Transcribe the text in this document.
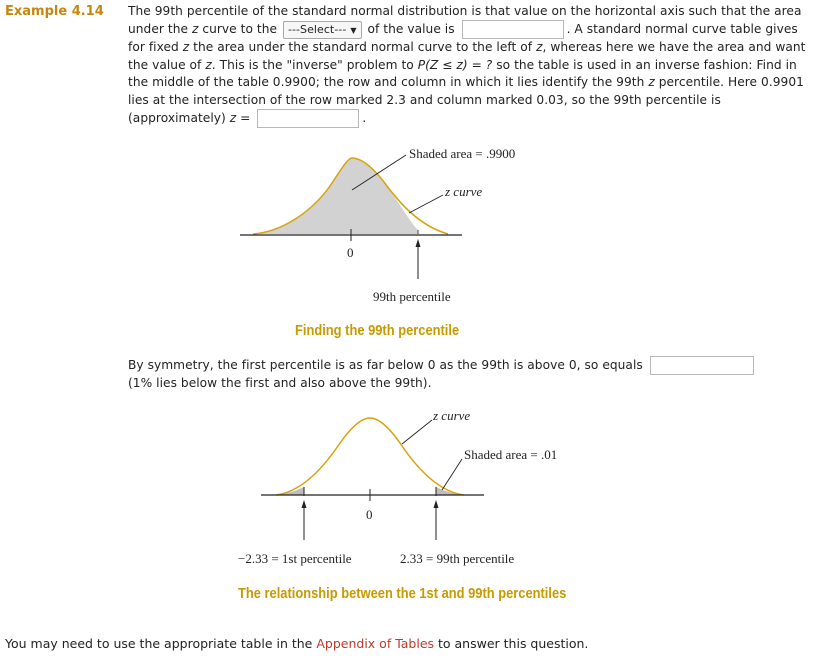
Example 4.14 The 99th percentile of the standard normal distribution is that value on the horizontal axis such that the area under the z curve to the ---Select--- ▼ of the value is	. A standard normal curve table gives for fixed z the area under the standard normal curve to the left of z, whereas here we have the area and want the value of z. This is the "inverse" problem to P(Z ≤ z) = ? so the table is used in an inverse fashion: Find in the middle of the table 0.9900; the row and column in which it lies identify the 99th z percentile. Here 0.9901 lies at the intersection of the row marked 2.3 and column marked 0.03, so the 99th percentile is (approximately) z =	.
Shaded area = .9900
z curve
0
99th percentile
Finding the 99th percentile
By symmetry, the first percentile is as far below 0 as the 99th is above 0, so equals
(1% lies below the first and also above the 99th).
z curve
Shaded area = .01
0
−2.33 = 1st percentile	2.33 = 99th percentile
The relationship between the 1st and 99th percentiles
You may need to use the appropriate table in the Appendix of Tables to answer this question.
